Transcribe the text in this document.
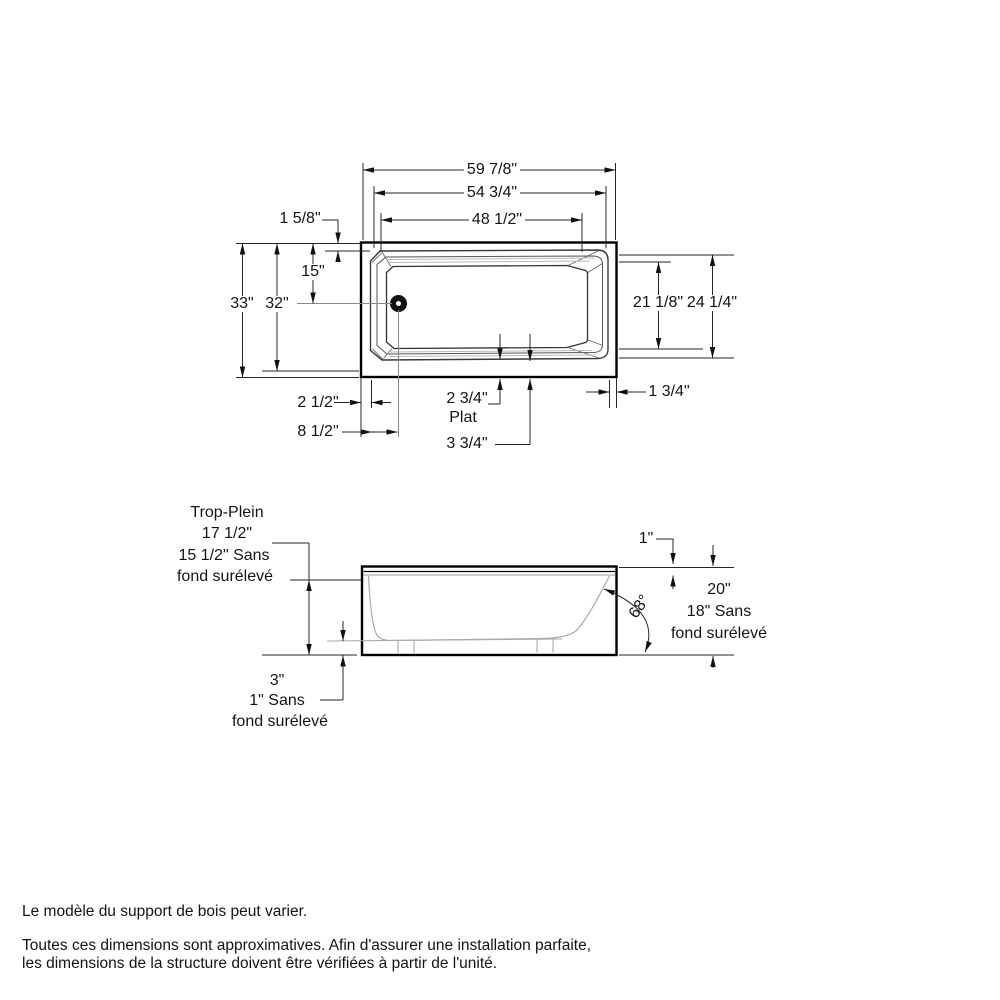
59 7/8"
54 3/4"
48 1/2"
1 5/8"
15"
33" 32"	21 1/8" 24 1/4"
2 1/2"
8 1/2"
2 3/4"
Plat
3 3/4"
1 3/4"
Trop-Plein
17 1/2"
15 1/2" Sans
fond surélevé
3"
1" Sans
fond surélevé
1"
20"
18" Sans
fond surélevé
68°
Le modèle du support de bois peut varier.
Toutes ces dimensions sont approximatives. Afin d'assurer une installation parfaite,
les dimensions de la structure doivent être vérifiées à partir de l'unité.
